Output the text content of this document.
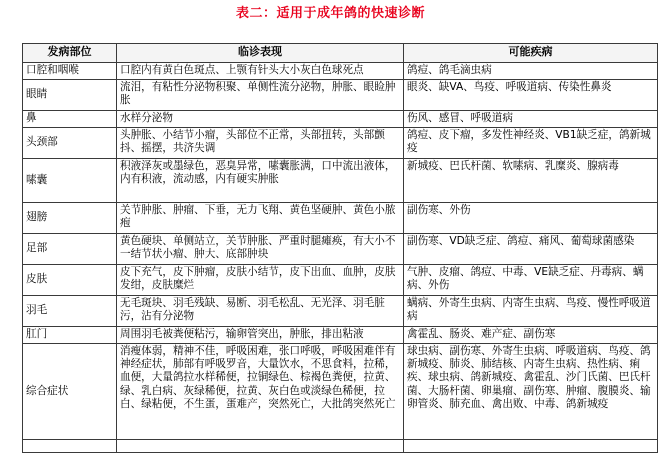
表二：适用于成年鸽的快速诊断
发病部位	临诊表现	可能疾病
口腔和咽喉	口腔内有黄白色斑点、上颚有针头大小灰白色球死点	鸽痘、鸽毛滴虫病
眼睛	流泪，有粘性分泌物积聚、单侧性流分泌物，肿胀、眼睑肿胀	眼炎、缺VA、鸟疫、呼吸道病、传染性鼻炎
鼻	水样分泌物	伤风、感冒、呼吸道病
头颈部	头肿胀、小结节小瘤，头部位不正常，头部扭转，头部颤抖、摇摆，共济失调	鸽痘、皮下瘤，多发性神经炎、VB1缺乏症，鸽新城疫
嗉囊	积液泽灰或墨绿色，恶臭异常，嗉囊胀满，口中流出液体，内有积液，流动感，内有硬实肿胀	新城疫、巴氏杆菌、软嗉病、乳糜炎、腺病毒
翅膀	关节肿胀、肿瘤、下垂，无力飞翔、黄色坚硬肿、黄色小脓疱	副伤寒、外伤
足部	黄色硬块、单侧站立，关节肿胀、严重时腿瘫痪，有大小不一结节状小瘤、肿大、底部肿块	副伤寒、VD缺乏症、鸽痘、痛风、葡萄球菌感染
皮肤	皮下充气，皮下肿瘤，皮肤小结节，皮下出血、血肿，皮肤发绀，皮肤糜烂	气肿、皮瘤、鸽痘、中毒、VE缺乏症、丹毒病、螨病、外伤
羽毛	无毛斑块、羽毛残缺、易断、羽毛松乱、无光泽、羽毛脏污，沾有分泌物	螨病、外寄生虫病、内寄生虫病、鸟疫、慢性呼吸道病
肛门	周围羽毛被粪便粘污，输卵管突出，肿胀，排出粘液	禽霍乱、肠炎、难产症、副伤寒
综合症状	消瘦体弱，精神不佳，呼吸困难，张口呼吸，呼吸困难伴有神经症状，肺部有呼吸罗音，大量饮水，不思食料，拉稀，血便，大量鸽拉水样稀便，拉铜绿色、棕褐色粪便，拉黄、绿、乳白病、灰绿稀便，拉黄、灰白色或淡绿色稀便，拉白、绿粘便，不生蛋，蛋难产，突然死亡，大批鸽突然死亡	球虫病、副伤寒、外寄生虫病、呼吸道病、鸟疫、鸽新城疫、肺炎、肺结核、内寄生虫病、热性病、痢疾、球虫病、鸽新城疫、禽霍乱、沙门氏菌、巴氏杆菌、大肠杆菌、卵巢瘤、副伤寒、肿瘤、腹膜炎、输卵管炎、肺充血、禽出败、中毒、鸽新城疫
